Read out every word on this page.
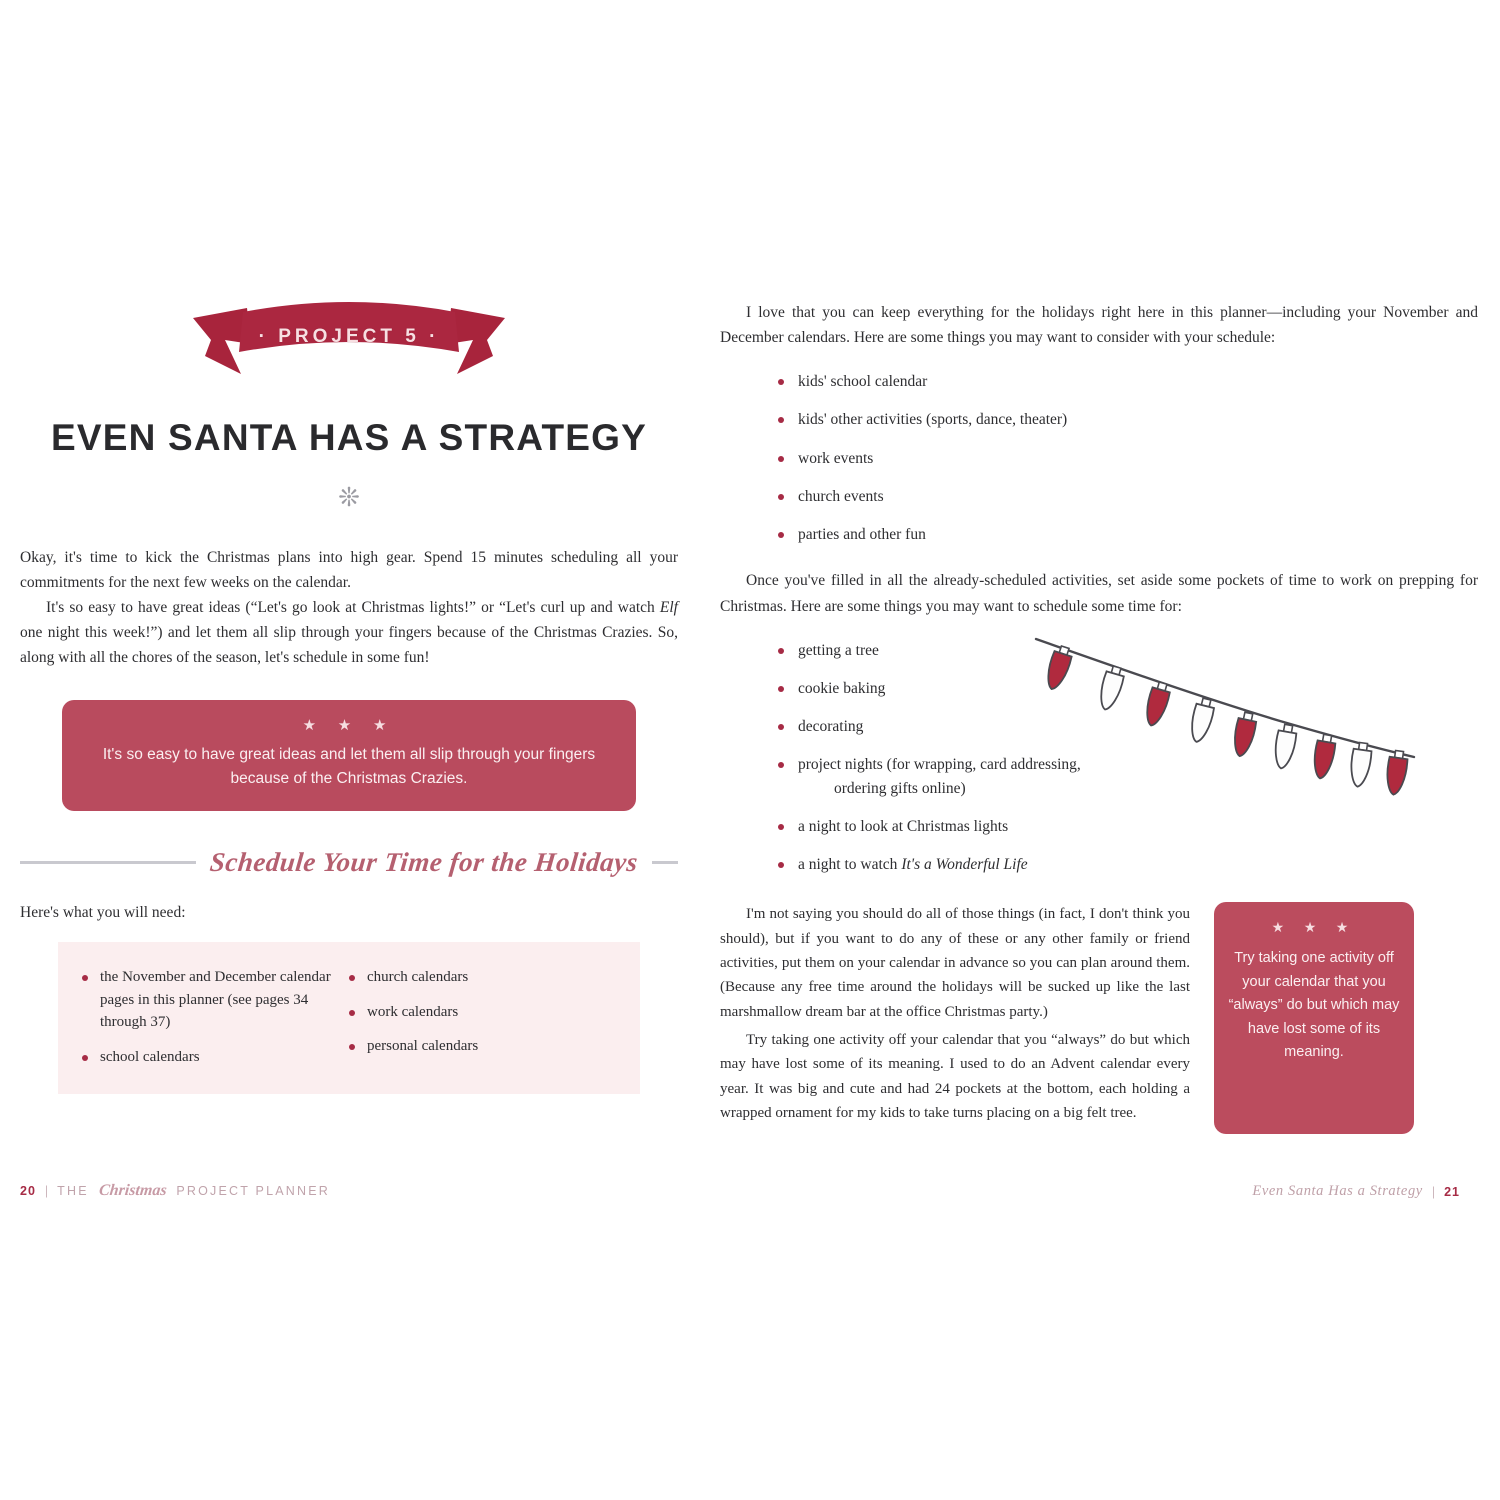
· PROJECT 5 ·
EVEN SANTA HAS A STRATEGY
❊

Okay, it's time to kick the Christmas plans into high gear. Spend 15 minutes scheduling all your commitments for the next few weeks on the calendar.

It's so easy to have great ideas (“Let's go look at Christmas lights!” or “Let's curl up and watch Elf one night this week!”) and let them all slip through your fingers because of the Christmas Crazies. So, along with all the chores of the season, let's schedule in some fun!

★ ★ ★
It's so easy to have great ideas and let them all slip through your fingers because of the Christmas Crazies.
Schedule Your Time for the Holidays

Here's what you will need:

the November and December calendar pages in this planner (see pages 34 through 37)
school calendars
church calendars
work calendars
personal calendars

I love that you can keep everything for the holidays right here in this planner—including your November and December calendars. Here are some things you may want to consider with your schedule:

kids' school calendar
kids' other activities (sports, dance, theater)
work events
church events
parties and other fun

Once you've filled in all the already-scheduled activities, set aside some pockets of time to work on prepping for Christmas. Here are some things you may want to schedule some time for:

getting a tree
cookie baking
decorating
project nights (for wrapping, card addressing,
ordering gifts online)
a night to look at Christmas lights
a night to watch It's a Wonderful Life

I'm not saying you should do all of those things (in fact, I don't think you should), but if you want to do any of these or any other family or friend activities, put them on your calendar in advance so you can plan around them. (Because any free time around the holidays will be sucked up like the last marshmallow dream bar at the office Christmas party.)

Try taking one activity off your calendar that you “always” do but which may have lost some of its meaning. I used to do an Advent calendar every year. It was big and cute and had 24 pockets at the bottom, each holding a wrapped ornament for my kids to take turns placing on a big felt tree.

★ ★ ★
Try taking one activity off your calendar that you “always” do but which may have lost some of its meaning.
20 | THE Christmas PROJECT PLANNER	Even Santa Has a Strategy | 21
